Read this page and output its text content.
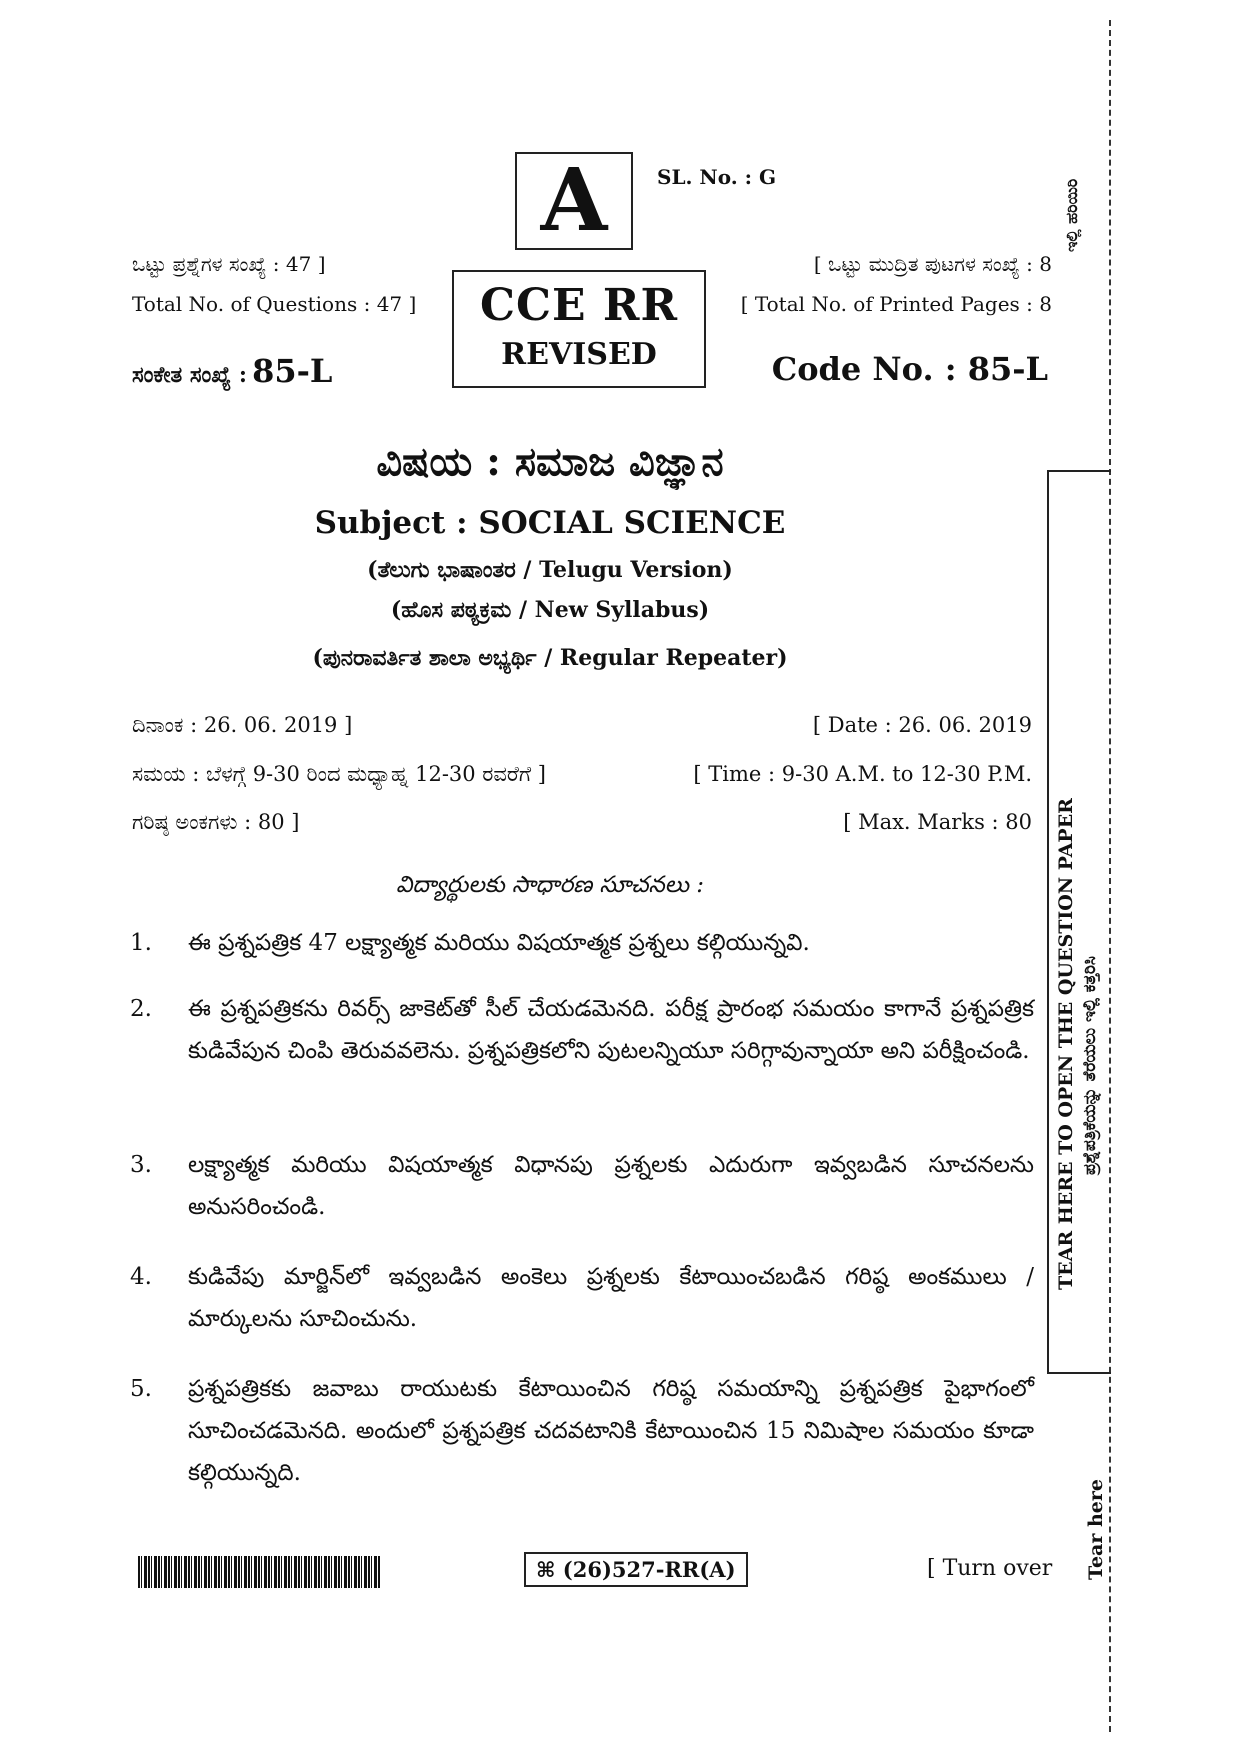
A	SL. No. : G
ಒಟ್ಟು ಪ್ರಶ್ನೆಗಳ ಸಂಖ್ಯೆ : 47 ]
Total No. of Questions : 47 ]
ಸಂಕೇತ ಸಂಖ್ಯೆ : 85-L
CCE RR
REVISED
[ ಒಟ್ಟು ಮುದ್ರಿತ ಪುಟಗಳ ಸಂಖ್ಯೆ : 8
[ Total No. of Printed Pages : 8
Code No. : 85-L
ವಿಷಯ : ಸಮಾಜ ವಿಜ್ಞಾನ
Subject : SOCIAL SCIENCE
(ತೆಲುಗು ಭಾಷಾಂತರ / Telugu Version)
(ಹೊಸ ಪಠ್ಯಕ್ರಮ / New Syllabus)
(ಪುನರಾವರ್ತಿತ ಶಾಲಾ ಅಭ್ಯರ್ಥಿ / Regular Repeater)
ದಿನಾಂಕ : 26. 06. 2019 ]	[ Date : 26. 06. 2019
ಸಮಯ : ಬೆಳಗ್ಗೆ 9-30 ರಿಂದ ಮಧ್ಯಾಹ್ನ 12-30 ರವರೆಗೆ ]	[ Time : 9-30 A.M. to 12-30 P.M.
ಗರಿಷ್ಠ ಅಂಕಗಳು : 80 ]	[ Max. Marks : 80
విద్యార్థులకు సాధారణ సూచనలు :
1.	ఈ ప్రశ్నపత్రిక 47 లక్ష్యాత్మక మరియు విషయాత్మక ప్రశ్నలు కల్గియున్నవి.
2.	ఈ ప్రశ్నపత్రికను రివర్స్ జాకెట్‌తో సీల్ చేయడమెనది. పరీక్ష ప్రారంభ సమయం కాగానే ప్రశ్నపత్రిక కుడివేపున చింపి తెరువవలెను. ప్రశ్నపత్రికలోని పుటలన్నియూ సరిగ్గావున్నాయా అని పరీక్షించండి.
3.	లక్ష్యాత్మక మరియు విషయాత్మక విధానపు ప్రశ్నలకు ఎదురుగా ఇవ్వబడిన సూచనలను అనుసరించండి.
4.	కుడివేపు మార్జిన్‌లో ఇవ్వబడిన అంకెలు ప్రశ్నలకు కేటాయించబడిన గరిష్ఠ అంకములు / మార్కులను సూచించును.
5.	ప్రశ్నపత్రికకు జవాబు రాయుటకు కేటాయించిన గరిష్ఠ సమయాన్ని ప్రశ్నపత్రిక పైభాగంలో సూచించడమెనది. అందులో ప్రశ్నపత్రిక చదవటానికి కేటాయించిన 15 నిమిషాల సమయం కూడా కల్గియున్నది.
⌘ (26)527-RR(A)	[ Turn over
ಇಲ್ಲಿ ಹರಿಯಿರಿ
TEAR HERE TO OPEN THE QUESTION PAPER ಪ್ರಶ್ನೆಪತ್ರಿಕೆಯನ್ನು ತೆರೆಯಲು ಇಲ್ಲಿ ಕತ್ತರಿಸಿ
Tear here
